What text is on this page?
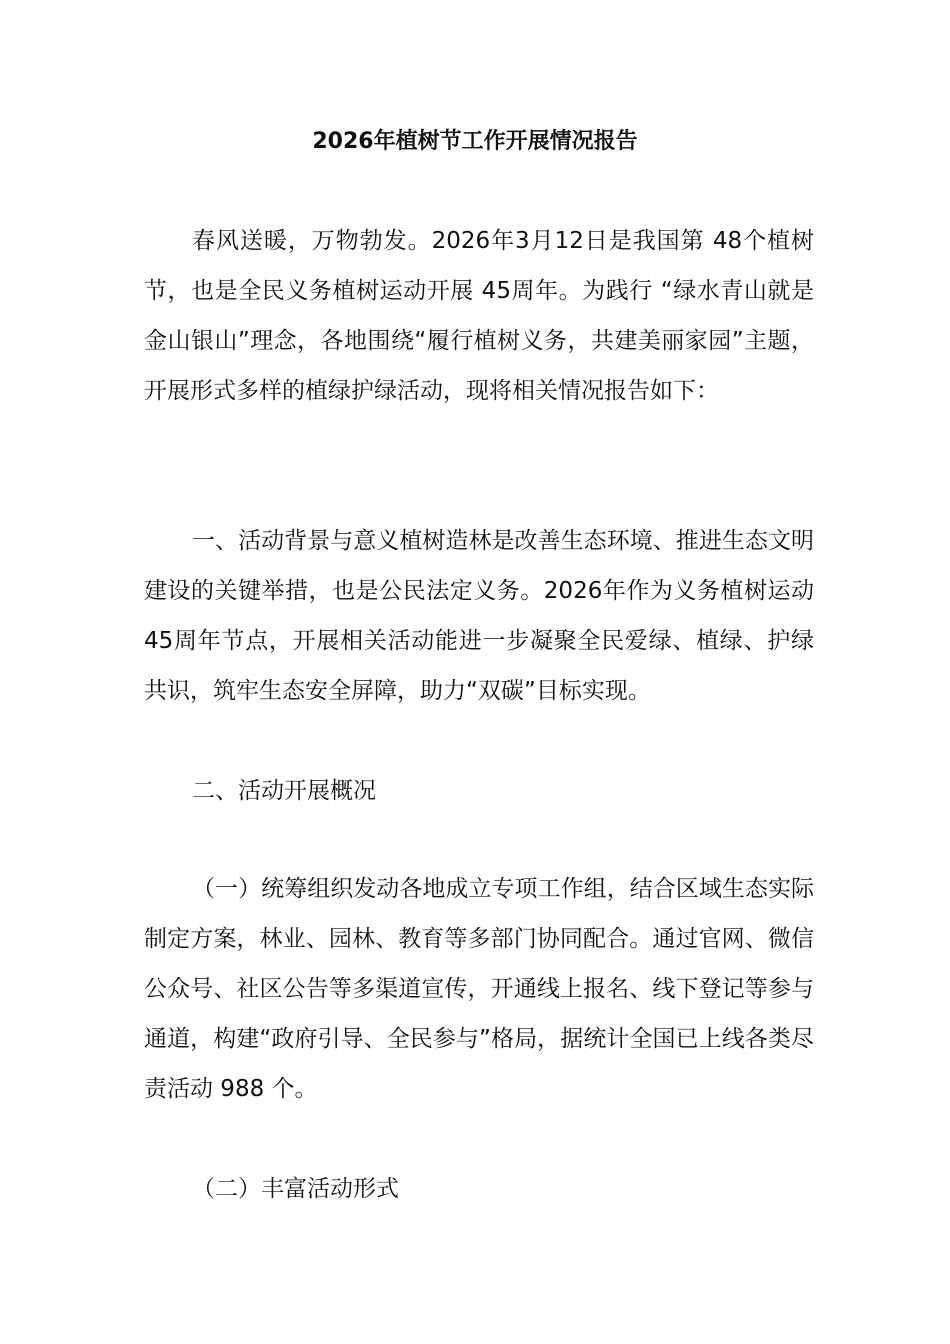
2026年植树节工作开展情况报告

春风送暖，万物勃发。2026年3月12日是我国第 48个植树节，也是全民义务植树运动开展 45周年。为践行 “绿水青山就是金山银山”理念，各地围绕“履行植树义务，共建美丽家园”主题，开展形式多样的植绿护绿活动，现将相关情况报告如下：

一、活动背景与意义植树造林是改善生态环境、推进生态文明建设的关键举措，也是公民法定义务。2026年作为义务植树运动45周年节点，开展相关活动能进一步凝聚全民爱绿、植绿、护绿共识，筑牢生态安全屏障，助力“双碳”目标实现。

二、活动开展概况

（一）统筹组织发动各地成立专项工作组，结合区域生态实际制定方案，林业、园林、教育等多部门协同配合。通过官网、微信公众号、社区公告等多渠道宣传，开通线上报名、线下登记等参与通道，构建“政府引导、全民参与”格局，据统计全国已上线各类尽责活动 988 个。

（二）丰富活动形式
